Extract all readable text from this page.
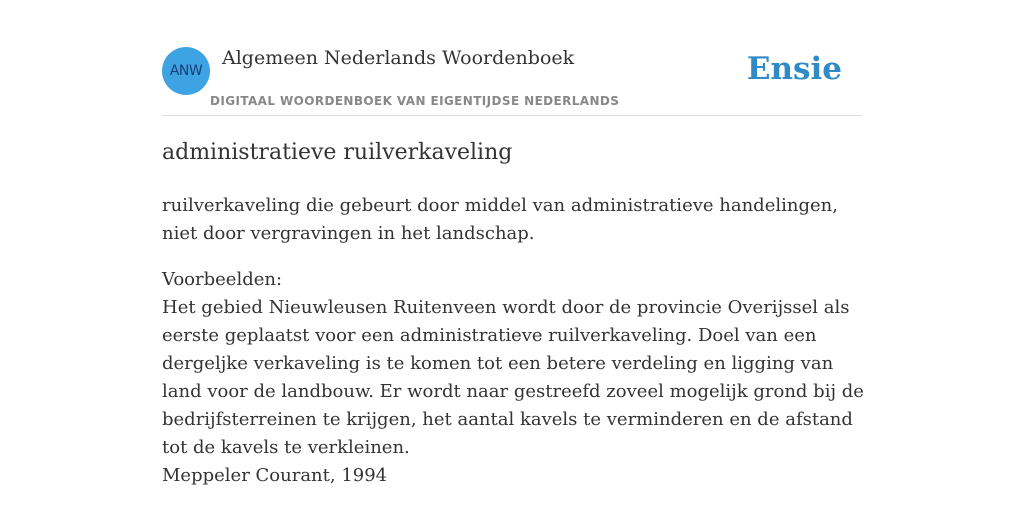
ANW
Algemeen Nederlands Woordenboek
DIGITAAL WOORDENBOEK VAN EIGENTIJDSE NEDERLANDS
Ensie
administratieve ruilverkaveling

ruilverkaveling die gebeurt door middel van administratieve handelingen, niet door vergravingen in het landschap.

Voorbeelden:
Het gebied Nieuwleusen Ruitenveen wordt door de provincie Overijssel als eerste geplaatst voor een administratieve ruilverkaveling. Doel van een dergeljke verkaveling is te komen tot een betere verdeling en ligging van land voor de landbouw. Er wordt naar gestreefd zoveel mogelijk grond bij de bedrijfsterreinen te krijgen, het aantal kavels te verminderen en de afstand tot de kavels te verkleinen.
Meppeler Courant, 1994
